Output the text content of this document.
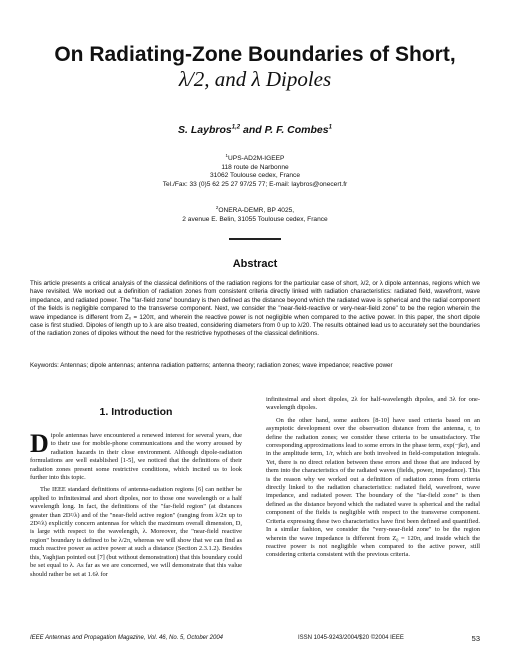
On Radiating-Zone Boundaries of Short,
λ/2, and λ Dipoles
S. Laybros$^{1,2}$ and P. F. Combes$^1$
$^1$UPS-AD2M-IGEEP
118 route de Narbonne
31062 Toulouse cedex, France
Tel./Fax: 33 (0)5 62 25 27 97/25 77; E-mail: laybros@onecert.fr
$^2$ONERA-DEMR, BP 4025,
2 avenue E. Belin, 31055 Toulouse cedex, France
Abstract
This article presents a critical analysis of the classical definitions of the radiation regions for the particular case of short, λ/2, or λ dipole antennas, regions which we have revisited. We worked out a definition of radiation zones from consistent criteria directly linked with radiation characteristics: radiated field, wavefront, wave impedance, and radiated power. The "far-field zone" boundary is then defined as the distance beyond which the radiated wave is spherical and the radial component of the fields is negligible compared to the transverse component. Next, we consider the "near-field-reactive or very-near-field zone" to be the region wherein the wave impedance is different from Z₀ = 120π, and wherein the reactive power is not negligible when compared to the active power. In this paper, the short dipole case is first studied. Dipoles of length up to λ are also treated, considering diameters from 0 up to λ/20. The results obtained lead us to accurately set the boundaries of the radiation zones of dipoles without the need for the restrictive hypotheses of the classical definitions.
Keywords: Antennas; dipole antennas; antenna radiation patterns; antenna theory; radiation zones; wave impedance; reactive power
1. Introduction

Dipole antennas have encountered a renewed interest for several years, due to their use for mobile-phone communications and the worry aroused by radiation hazards in their close environment. Although dipole-radiation formulations are well established [1-5], we noticed that the definitions of their radiation zones present some restrictive conditions, which incited us to look further into this topic.

The IEEE standard definitions of antenna-radiation regions [6] can neither be applied to infinitesimal and short dipoles, nor to those one wavelength or a half wavelength long. In fact, the definitions of the "far-field region" (at distances greater than 2D²/λ) and of the "near-field active region" (ranging from λ/2π up to 2D²/λ) explicitly concern antennas for which the maximum overall dimension, D, is large with respect to the wavelength, λ. Moreover, the "near-field reactive region" boundary is defined to be λ/2π, whereas we will show that we can find as much reactive power as active power at such a distance (Section 2.3.1.2). Besides this, Yaghjian pointed out [7] (but without demonstration) that this boundary could be set equal to λ. As far as we are concerned, we will demonstrate that this value should rather be set at 1.6λ for

infinitesimal and short dipoles, 2λ for half-wavelength dipoles, and 3λ for one-wavelength dipoles.

On the other hand, some authors [8-10] have used criteria based on an asymptotic development over the observation distance from the antenna, r, to define the radiation zones; we consider these criteria to be unsatisfactory. The corresponding approximations lead to some errors in the phase term, exp(−jkr), and in the amplitude term, 1/r, which are both involved in field-computation integrals. Yet, there is no direct relation between these errors and those that are induced by them into the characteristics of the radiated waves (fields, power, impedance). This is the reason why we worked out a definition of radiation zones from criteria directly linked to the radiation characteristics: radiated field, wavefront, wave impedance, and radiated power. The boundary of the "far-field zone" is then defined as the distance beyond which the radiated wave is spherical and the radial component of the fields is negligible with respect to the transverse component. Criteria expressing these two characteristics have first been defined and quantified. In a similar fashion, we consider the "very-near-field zone" to be the region wherein the wave impedance is different from Z₀ = 120π, and inside which the reactive power is not negligible when compared to the active power, still considering criteria consistent with the previous criteria.

IEEE Antennas and Propagation Magazine, Vol. 46, No. 5, October 2004	ISSN 1045-9243/2004/$20 ©2004 IEEE	53
